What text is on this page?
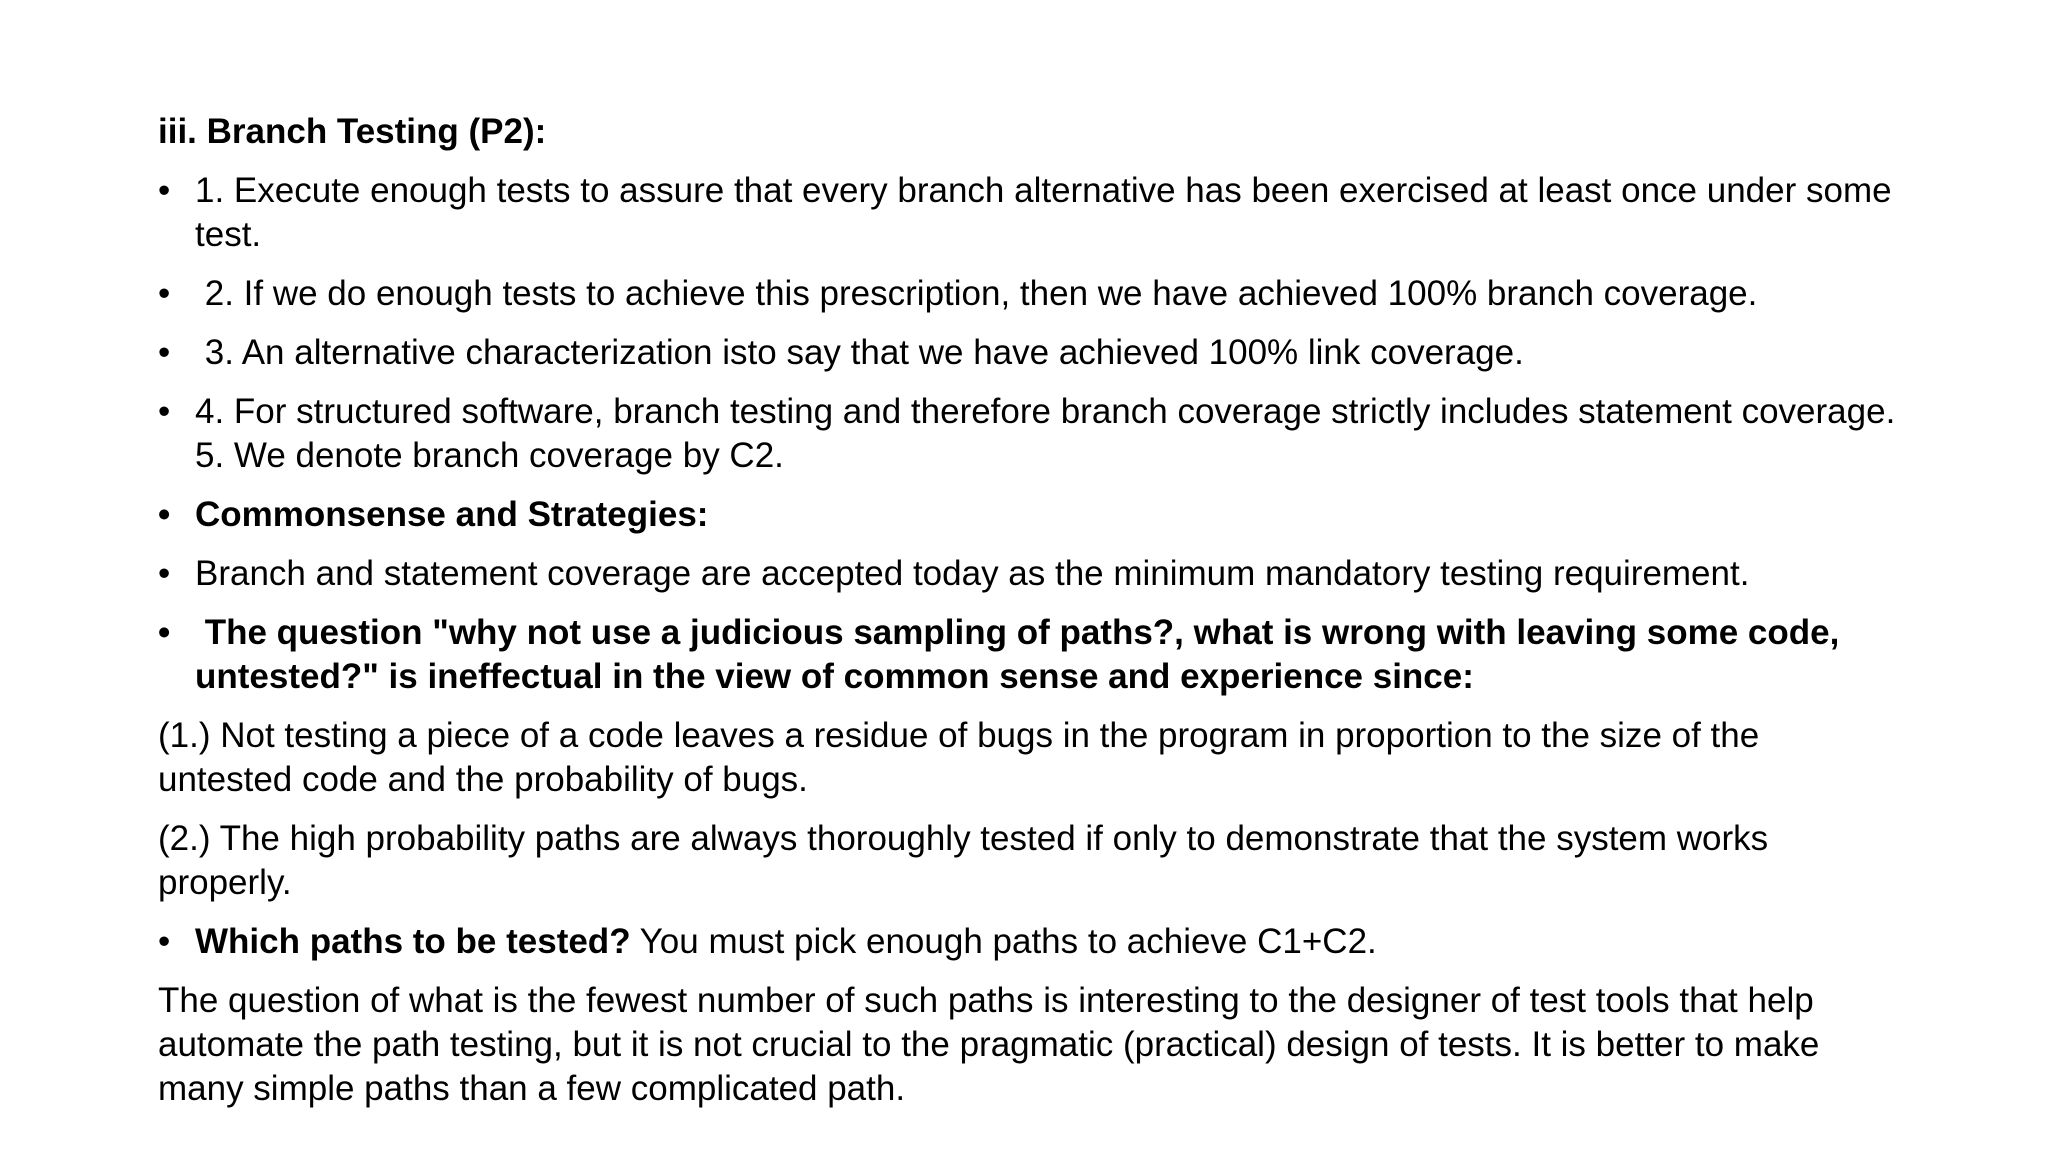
iii. Branch Testing (P2):

• 1. Execute enough tests to assure that every branch alternative has been exercised at least once under some test.

• 2. If we do enough tests to achieve this prescription, then we have achieved 100% branch coverage.

• 3. An alternative characterization isto say that we have achieved 100% link coverage.

• 4. For structured software, branch testing and therefore branch coverage strictly includes statement coverage. 5. We denote branch coverage by C2.

• Commonsense and Strategies:

• Branch and statement coverage are accepted today as the minimum mandatory testing requirement.

• The question "why not use a judicious sampling of paths?, what is wrong with leaving some code, untested?" is ineffectual in the view of common sense and experience since:

(1.) Not testing a piece of a code leaves a residue of bugs in the program in proportion to the size of the untested code and the probability of bugs.

(2.) The high probability paths are always thoroughly tested if only to demonstrate that the system works properly.

• Which paths to be tested? You must pick enough paths to achieve C1+C2.

The question of what is the fewest number of such paths is interesting to the designer of test tools that help automate the path testing, but it is not crucial to the pragmatic (practical) design of tests. It is better to make many simple paths than a few complicated path.
